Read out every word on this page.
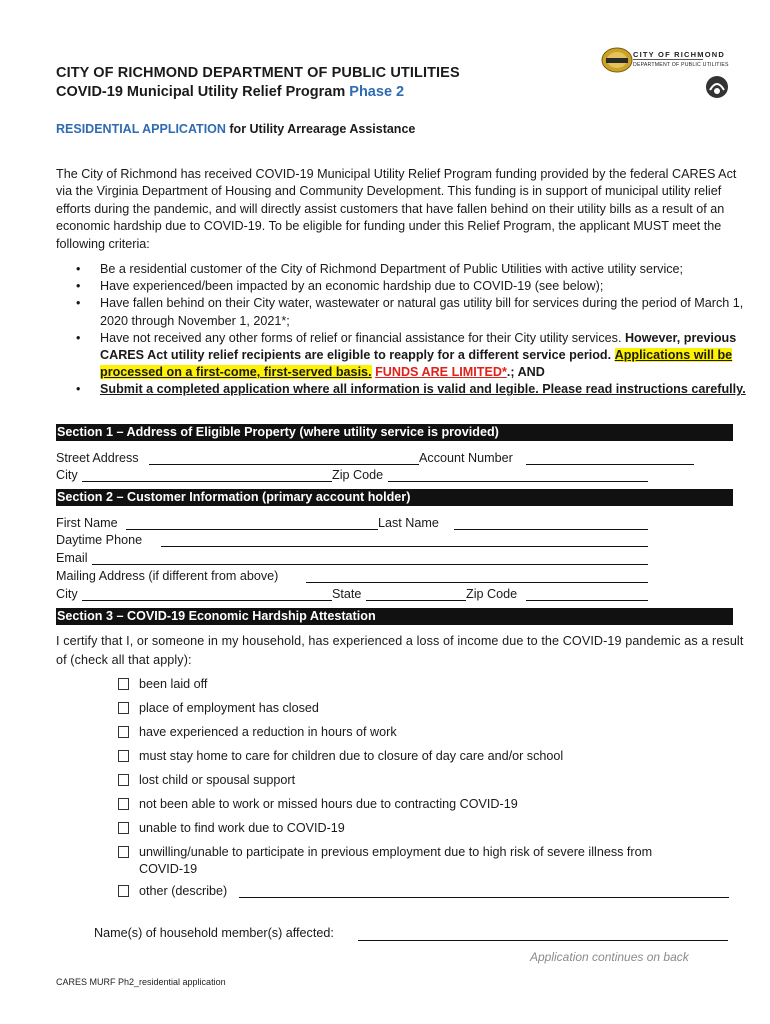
CITY OF RICHMOND DEPARTMENT OF PUBLIC UTILITIES
COVID-19 Municipal Utility Relief Program Phase 2
CITY OF RICHMOND
DEPARTMENT OF PUBLIC UTILITIES
RESIDENTIAL APPLICATION for Utility Arrearage Assistance
The City of Richmond has received COVID-19 Municipal Utility Relief Program funding provided by the federal CARES Act via the Virginia Department of Housing and Community Development. This funding is in support of municipal utility relief efforts during the pandemic, and will directly assist customers that have fallen behind on their utility bills as a result of an economic hardship due to COVID-19. To be eligible for funding under this Relief Program, the applicant MUST meet the following criteria:
• Be a residential customer of the City of Richmond Department of Public Utilities with active utility service;
• Have experienced/been impacted by an economic hardship due to COVID-19 (see below);
• Have fallen behind on their City water, wastewater or natural gas utility bill for services during the period of March 1, 2020 through November 1, 2021*;
• Have not received any other forms of relief or financial assistance for their City utility services. However, previous CARES Act utility relief recipients are eligible to reapply for a different service period. Applications will be processed on a first-come, first-served basis. FUNDS ARE LIMITED*.; AND
• Submit a completed application where all information is valid and legible. Please read instructions carefully.
Section 1 – Address of Eligible Property (where utility service is provided)
Street Address	Account Number
City	Zip Code
Section 2 – Customer Information (primary account holder)
First Name	Last Name
Daytime Phone
Email
Mailing Address (if different from above)
City	State	Zip Code
Section 3 – COVID-19 Economic Hardship Attestation
I certify that I, or someone in my household, has experienced a loss of income due to the COVID-19 pandemic as a result of (check all that apply):
been laid off
place of employment has closed
have experienced a reduction in hours of work
must stay home to care for children due to closure of day care and/or school
lost child or spousal support
not been able to work or missed hours due to contracting COVID-19
unable to find work due to COVID-19
unwilling/unable to participate in previous employment due to high risk of severe illness from
COVID-19
other (describe)
Name(s) of household member(s) affected:
Application continues on back
CARES MURF Ph2_residential application
